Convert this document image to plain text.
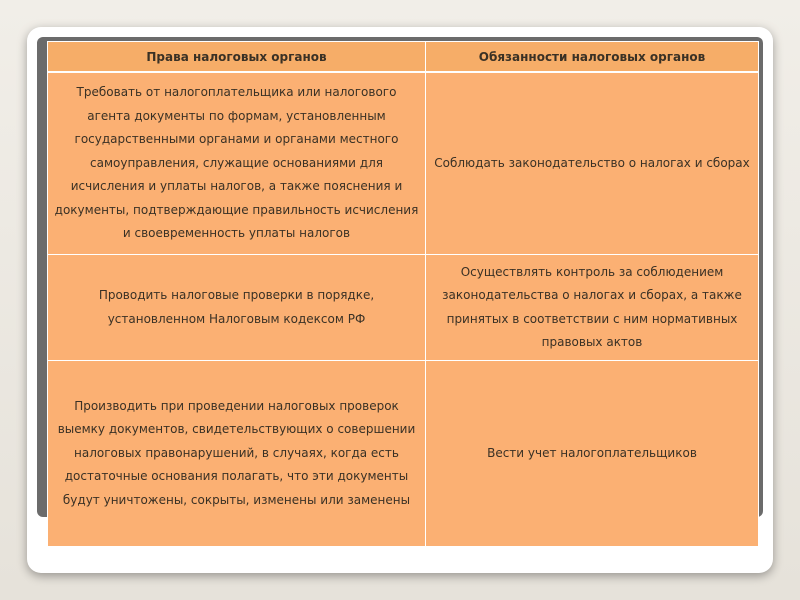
Права налоговых органов	Обязанности налоговых органов
Требовать от налогоплательщика или налогового агента документы по формам, установленным государственными органами и органами местного самоуправления, служащие основаниями для исчисления и уплаты налогов, а также пояснения и документы, подтверждающие правильность исчисления и своевременность уплаты налогов	Соблюдать законодательство о налогах и сборах
Проводить налоговые проверки в порядке, установленном Налоговым кодексом РФ	Осуществлять контроль за соблюдением законодательства о налогах и сборах, а также принятых в соответствии с ним нормативных правовых актов
Производить при проведении налоговых проверок выемку документов, свидетельствующих о совершении налоговых правонарушений, в случаях, когда есть достаточные основания полагать, что эти документы будут уничтожены, сокрыты, изменены или заменены	Вести учет налогоплательщиков
